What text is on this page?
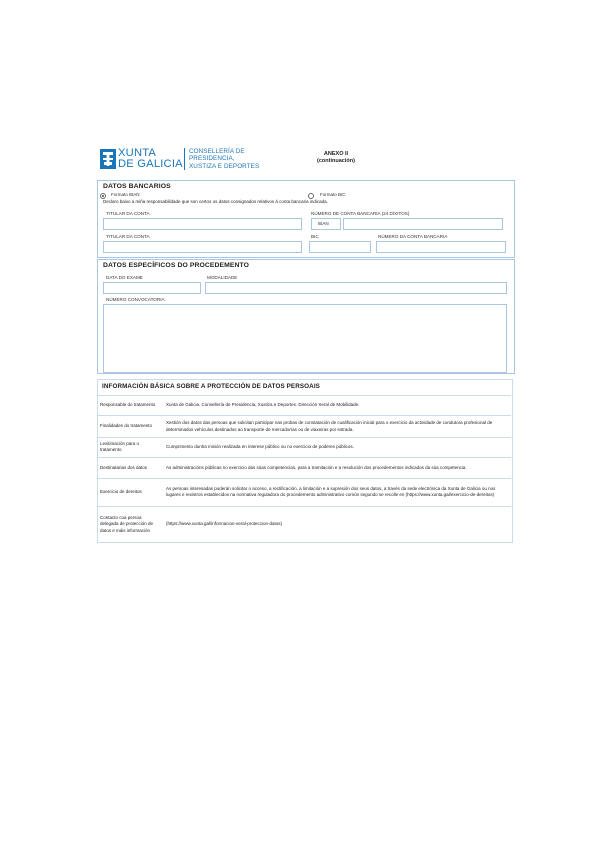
XUNTA
DE GALICIA
CONSELLERÍA DE
PRESIDENCIA,
XUSTIZA E DEPORTES
ANEXO II
(continuación)
DATOS BANCARIOS
Formato IBAN	Formato BIC
Declaro baixo a miña responsabilidade que son certos os datos consignados relativos á conta bancaria indicada.
TITULAR DA CONTA	NÚMERO DE CONTA BANCARIA (24 DÍXITOS)
IBAN
TITULAR DA CONTA	BIC	NÚMERO DA CONTA BANCARIA
DATOS ESPECÍFICOS DO PROCEDEMENTO
DATA DO EXAME	MODALIDADE
NÚMERO CONVOCATORIA
INFORMACIÓN BÁSICA SOBRE A PROTECCIÓN DE DATOS PERSOAIS
Responsable do tratamento	Xunta de Galicia. Consellería de Presidencia, Xustiza e Deportes. Dirección Xeral de Mobilidade.
Finalidades do tratamento	Xestión dos datos das persoas que solicitan participar nas probas de constatación de cualificación inicial para o exercicio da actividade de condutora profesional de determinados vehículos destinados ao transporte de mercadorías ou de viaxeiras por estrada.
Lexitimación para o tratamento	Cumprimento dunha misión realizada en interese público ou no exercicio de poderes públicos.
Destinatarias dos datos	As administracións públicas no exercicio das súas competencias, para a tramitación e a resolución dos procedementos indicados da súa competencia.
Exercicio de dereitos	As persoas interesadas poderán solicitar o acceso, a rectificación, a limitación e a supresión dos seus datos, a través da sede electrónica da Xunta de Galicia ou nos lugares e rexistros establecidos na normativa reguladora do procedemento administrativo común segundo se recolle en (https://www.xunta.gal/exercicio-de-dereitos)
Contacto coa persoa delegada de protección de datos e máis información	(https://www.xunta.gal/informacion-xeral-proteccion-datos)
